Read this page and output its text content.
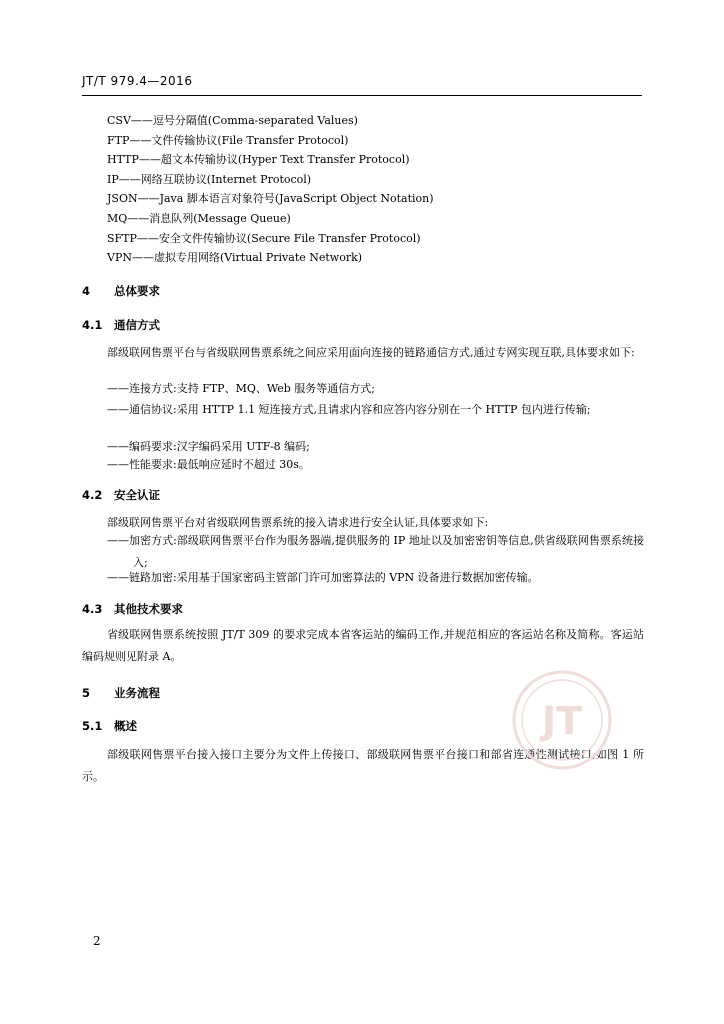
JT/T 979.4—2016
CSV——逗号分隔值(Comma-separated Values)
FTP——文件传输协议(File Transfer Protocol)
HTTP——超文本传输协议(Hyper Text Transfer Protocol)
IP——网络互联协议(Internet Protocol)
JSON——Java 脚本语言对象符号(JavaScript Object Notation)
MQ——消息队列(Message Queue)
SFTP——安全文件传输协议(Secure File Transfer Protocol)
VPN——虚拟专用网络(Virtual Private Network)
4 总体要求
4.1 通信方式

部级联网售票平台与省级联网售票系统之间应采用面向连接的链路通信方式,通过专网实现互联,具体要求如下:

——连接方式:支持 FTP、MQ、Web 服务等通信方式;

——通信协议:采用 HTTP 1.1 短连接方式,且请求内容和应答内容分别在一个 HTTP 包内进行传输;

——编码要求:汉字编码采用 UTF-8 编码;

——性能要求:最低响应延时不超过 30s。

4.2 安全认证

部级联网售票平台对省级联网售票系统的接入请求进行安全认证,具体要求如下:

——加密方式:部级联网售票平台作为服务器端,提供服务的 IP 地址以及加密密钥等信息,供省级联网售票系统接入;

——链路加密:采用基于国家密码主管部门许可加密算法的 VPN 设备进行数据加密传输。

4.3 其他技术要求

省级联网售票系统按照 JT/T 309 的要求完成本省客运站的编码工作,并规范相应的客运站名称及简称。客运站编码规则见附录 A。

5 业务流程
5.1 概述

部级联网售票平台接入接口主要分为文件上传接口、部级联网售票平台接口和部省连通性测试接口,如图 1 所示。

JT
2
